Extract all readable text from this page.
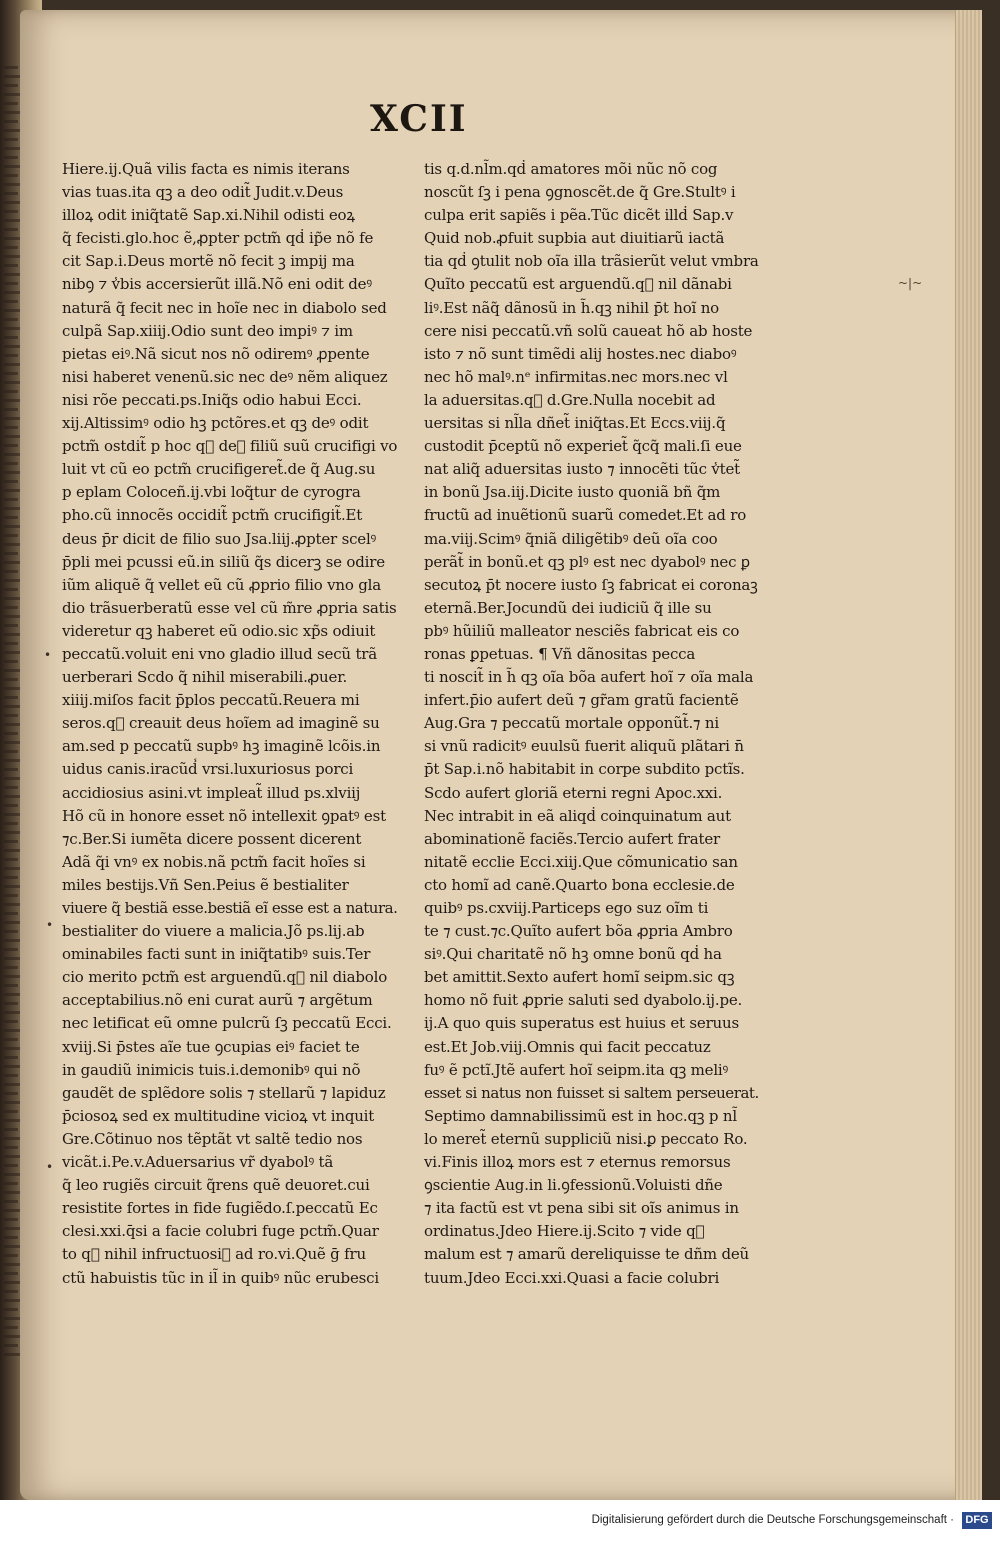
XCII
Hiere.ij.Quã vilis facta es nimis iterans
vias tuas.ita qꝫ a deo odit̃ Judit.v.Deus
illoꝝ odit iniq̃tatẽ Sap.xi.Nihil odisti eoꝝ
q̃ fecisti.glo.hoc ẽ,ꝓpter pctm̃ qḋ ip̃e nõ fe
cit Sap.i.Deus mortẽ nõ fecit ꝫ impij ma
nibꝯ ⁊ v̾bis accersierũt illã.Nõ eni odit deꝰ
naturã q̃ fecit nec in hoĩe nec in diabolo sed
culpã Sap.xiiij.Odio sunt deo impiꝰ ⁊ im
pietas eiꝰ.Nã sicut nos nõ odiremꝰ ꝓpente
nisi haberet venenũ.sic nec deꝰ nẽm aliquez
nisi rõe peccati.ps.Iniq̃s odio habui Ecci.
xij.Altissimꝰ odio hꝫ pctõres.et qꝫ deꝰ odit
pctm̃ ostdit̃ p hoc q᷑ deꝰ filiũ suũ crucifigi vo
luit vt cũ eo pctm̃ crucifigeret̃.de q̃ Aug.su
p eplam Coloceñ.ij.vbi loq̃tur de cyrogra
pho.cũ innocẽs occidit̃ pctm̃ crucifigit̃.Et
deus p̄r dicit de filio suo Jsa.liij.ꝓpter scelꝰ
p̄pli mei pcussi eũ.in siliũ q̃s dicerꝫ se odire
iũm aliquẽ q̃ vellet eũ cũ ꝓprio filio vno gla
dio trãsuerberatũ esse vel cũ m̃re ꝓpria satis
videretur qꝫ haberet eũ odio.sic xp̃s odiuit
peccatũ.voluit eni vno gladio illud secũ trã
uerberari Scdo q̃ nihil miserabili.ꝓuer.
xiiij.miſos facit p̄plos peccatũ.Reuera mi
seros.q᷑ creauit deus hoĩem ad imaginẽ su
am.sed p peccatũ supbꝰ hꝫ imaginẽ lcõis.in
uidus canis.iracũd̾ vrsi.luxuriosus porci
accidiosius asini.vt impleat̃ illud ps.xlviij
Hõ cũ in honore esset nõ intellexit ꝯpatꝰ est
⁊c.Ber.Si iumẽta dicere possent dicerent
Adã q̃i vnꝰ ex nobis.nã pctm̃ facit hoĩes si
miles bestijs.Vñ Sen.Peius ẽ bestialiter
viuere q̃ bestiã esse.bestiã eĩ esse est a natura.
bestialiter do viuere a malicia.Jõ ps.lij.ab
ominabiles facti sunt in iniq̃tatibꝰ suis.Ter
cio merito pctm̃ est arguendũ.q᷑ nil diabolo
acceptabilius.nõ eni curat aurũ ⁊ argẽtum
nec letificat eũ omne pulcrũ ſꝫ peccatũ Ecci.
xviij.Si p̄stes aĩe tue ꝯcupias eiꝰ faciet te
in gaudiũ inimicis tuis.i.demonibꝰ qui nõ
gaudẽt de splẽdore solis ⁊ stellarũ ⁊ lapiduz
p̄ciosoꝝ sed ex multitudine vicioꝝ vt inquit
Gre.Cõtinuo nos tẽptãt vt saltẽ tedio nos
vicãt.i.Pe.v.Aduersarius vr̃ dyabolꝰ tã
q̃ leo rugiẽs circuit q̃rens quẽ deuoret.cui
resistite fortes in fide fugiẽdo.ſ.peccatũ Ec
clesi.xxi.q̄si a facie colubri fuge pctm̃.Quar
to q᷑ nihil infructuosiꝰ ad ro.vi.Quẽ ḡ fru
ctũ habuistis tũc in il̃ in quibꝰ nũc erubesci
tis q.d.nl̃m.qḋ amatores mõi nũc nõ cog
noscũt ſꝫ i pena ꝯgnoscẽt.de q̃ Gre.Stultꝰ i
culpa erit sapiẽs i pẽa.Tũc dicẽt illḋ Sap.v
Quid nob.ꝓfuit supbia aut diuitiarũ iactã
tia qḋ ꝯtulit nob oĩa illa trãsierũt velut vmbra
Quĩto peccatũ est arguendũ.q᷑ nil dãnabi
liꝰ.Est nãq̃ dãnosũ in h̃.qꝫ nihil p̄t hoĩ no
cere nisi peccatũ.vñ solũ caueat hõ ab hoste
isto ⁊ nõ sunt timẽdi alij hostes.nec diaboꝰ
nec hõ malꝰ.nᵉ infirmitas.nec mors.nec vl
la aduersitas.q᷑ d.Gre.Nulla nocebit ad
uersitas si nl̃la dñet̃ iniq̃tas.Et Eccs.viij.q̃
custodit p̄ceptũ nõ experiet̃ q̃cq̃ mali.ſi eue
nat aliq̃ aduersitas iusto ⁊ innocẽti tũc v̾tet̃
in bonũ Jsa.iij.Dicite iusto quoniã bñ q̃m
fructũ ad inuẽtionũ suarũ comedet.Et ad ro
ma.viij.Scimꝰ q̃niã diligẽtibꝰ deũ oĩa coo
perãt̃ in bonũ.et qꝫ plꝰ est nec dyabolꝰ nec ꝑ
secutoꝝ p̄t nocere iusto ſꝫ fabricat ei coronaꝫ
eternã.Ber.Jocundũ dei iudiciũ q̃ ille su
pbꝰ hũiliũ malleator nesciẽs fabricat eis co
ronas ꝑpetuas. ¶ Vñ dãnositas pecca
ti noscit̃ in h̃ qꝫ oĩa bõa aufert hoĩ ⁊ oĩa mala
infert.p̄io aufert deũ ⁊ gr̃am gratũ facientẽ
Aug.Gra ⁊ peccatũ mortale opponũt̃.⁊ ni
si vnũ radicitꝰ euulsũ fuerit aliquũ plãtari n̄
p̄t Sap.i.nõ habitabit in corpe subdito pctĩs.
Scdo aufert gloriã eterni regni Apoc.xxi.
Nec intrabit in eã aliqḋ coinquinatum aut
abominationẽ faciẽs.Tercio aufert frater
nitatẽ ecclie Ecci.xiij.Que cõmunicatio san
cto homĩ ad canẽ.Quarto bona ecclesie.de
quibꝰ ps.cxviij.Particeps ego suz oĩm ti
te ⁊ cust.⁊c.Quĩto aufert bõa ꝓpria Ambro
siꝰ.Qui charitatẽ nõ hꝫ omne bonũ qḋ ha
bet amittit.Sexto aufert homĩ seipm.sic qꝫ
homo nõ fuit ꝓprie saluti sed dyabolo.ij.pe.
ij.A quo quis superatus est huius et seruus
est.Et Job.viij.Omnis qui facit peccatuz
fuꝰ ẽ pctĩ.Jtẽ aufert hoĩ seipm.ita qꝫ meliꝰ
esset si natus non fuisset si saltem perseuerat.
Septimo damnabilissimũ est in hoc.qꝫ p nl̃
lo meret̃ eternũ suppliciũ nisi.ꝑ peccato Ro.
vi.Finis illoꝝ mors est ⁊ eternus remorsus
ꝯscientie Aug.in li.ꝯfessionũ.Voluisti dñe
⁊ ita factũ est vt pena sibi sit oĩs animus in
ordinatus.Jdeo Hiere.ij.Scito ⁊ vide q᷑
malum est ⁊ amarũ dereliquisse te dñm deũ
tuum.Jdeo Ecci.xxi.Quasi a facie colubri
~|~
•
•
•
Digitalisierung gefördert durch die Deutsche Forschungsgemeinschaft ·	DFG
